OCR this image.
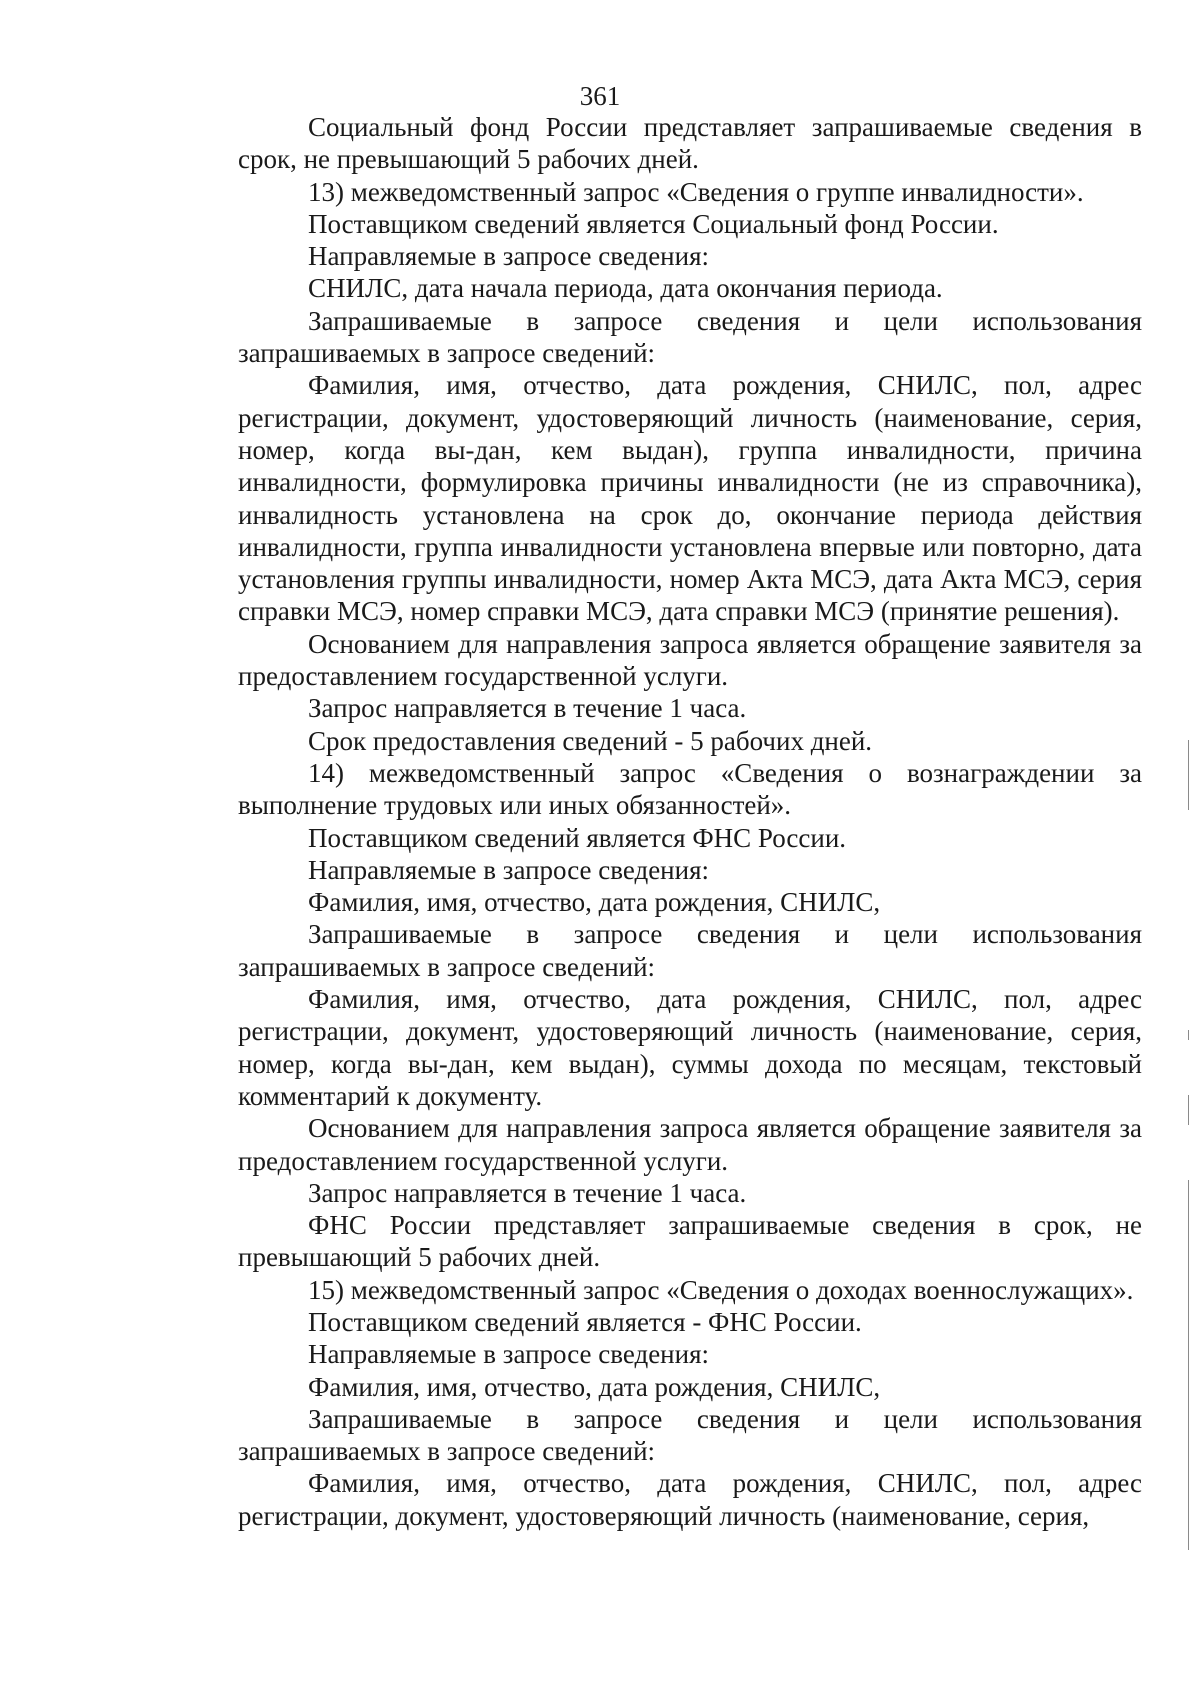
361

Социальный фонд России представляет запрашиваемые сведения в срок, не превышающий 5 рабочих дней.

13) межведомственный запрос «Сведения о группе инвалидности».

Поставщиком сведений является Социальный фонд России.

Направляемые в запросе сведения:

СНИЛС, дата начала периода, дата окончания периода.

Запрашиваемые в запросе сведения и цели использования запрашиваемых в запросе сведений:

Фамилия, имя, отчество, дата рождения, СНИЛС, пол, адрес регистрации, документ, удостоверяющий личность (наименование, серия, номер, когда вы-дан, кем выдан), группа инвалидности, причина инвалидности, формулировка причины инвалидности (не из справочника), инвалидность установлена на срок до, окончание периода действия инвалидности, группа инвалидности установлена впервые или повторно, дата установления группы инвалидности, номер Акта МСЭ, дата Акта МСЭ, серия справки МСЭ, номер справки МСЭ, дата справки МСЭ (принятие решения).

Основанием для направления запроса является обращение заявителя за предоставлением государственной услуги.

Запрос направляется в течение 1 часа.

Срок предоставления сведений - 5 рабочих дней.

14) межведомственный запрос «Сведения о вознаграждении за выполнение трудовых или иных обязанностей».

Поставщиком сведений является ФНС России.

Направляемые в запросе сведения:

Фамилия, имя, отчество, дата рождения, СНИЛС,

Запрашиваемые в запросе сведения и цели использования запрашиваемых в запросе сведений:

Фамилия, имя, отчество, дата рождения, СНИЛС, пол, адрес регистрации, документ, удостоверяющий личность (наименование, серия, номер, когда вы-дан, кем выдан), суммы дохода по месяцам, текстовый комментарий к документу.

Основанием для направления запроса является обращение заявителя за предоставлением государственной услуги.

Запрос направляется в течение 1 часа.

ФНС России представляет запрашиваемые сведения в срок, не превышающий 5 рабочих дней.

15) межведомственный запрос «Сведения о доходах военнослужащих».

Поставщиком сведений является - ФНС России.

Направляемые в запросе сведения:

Фамилия, имя, отчество, дата рождения, СНИЛС,

Запрашиваемые в запросе сведения и цели использования запрашиваемых в запросе сведений:

Фамилия, имя, отчество, дата рождения, СНИЛС, пол, адрес регистрации, документ, удостоверяющий личность (наименование, серия,
